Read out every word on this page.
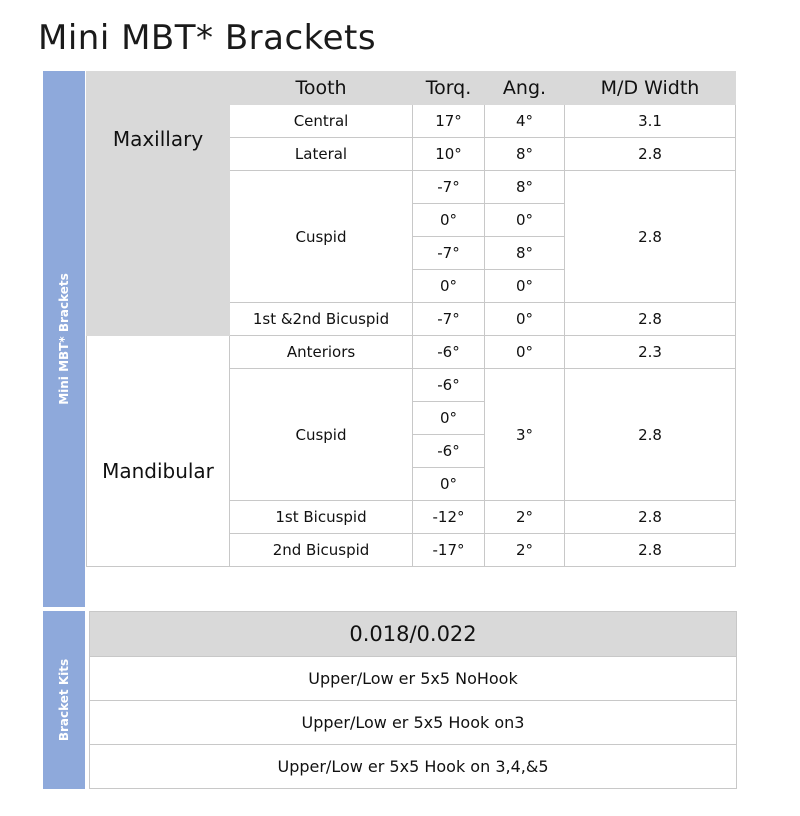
Mini MBT* Brackets
Mini MBT* Brackets
	Tooth	Torq.	Ang.	M/D Width
Maxillary	Central	17°	4°	3.1
	Lateral	10°	8°	2.8
	Cuspid	-7°	8°	2.8
		0°	0°	
		-7°	8°	
		0°	0°	
	1st &2nd Bicuspid	-7°	0°	2.8
Mandibular	Anteriors	-6°	0°	2.3
	Cuspid	-6°	3°	2.8
		0°		
		-6°		
		0°		
	1st Bicuspid	-12°	2°	2.8
	2nd Bicuspid	-17°	2°	2.8
Bracket Kits
0.018/0.022
Upper/Low er 5x5 NoHook
Upper/Low er 5x5 Hook on3
Upper/Low er 5x5 Hook on 3,4,&5
